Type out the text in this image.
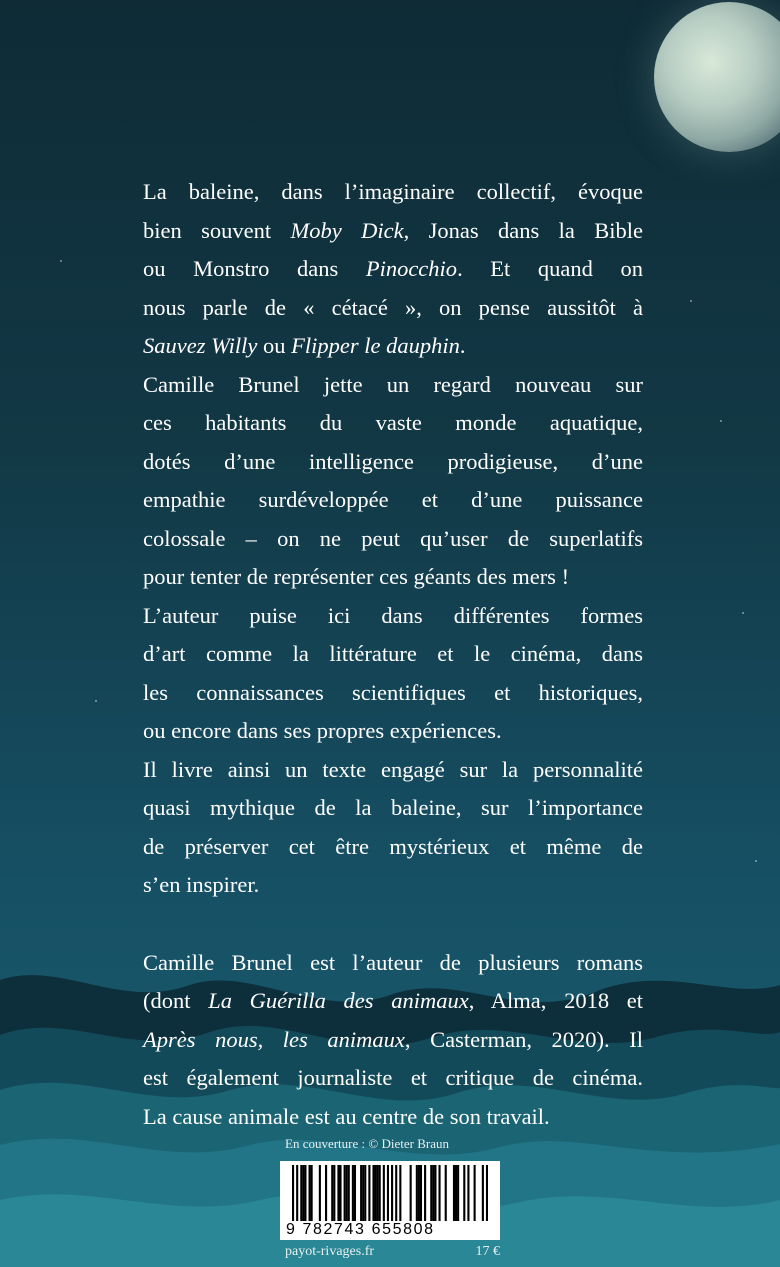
La baleine, dans l’imaginaire collectif, évoque

bien souvent Moby Dick, Jonas dans la Bible

ou Monstro dans Pinocchio. Et quand on

nous parle de « cétacé », on pense aussitôt à

Sauvez Willy ou Flipper le dauphin.

Camille Brunel jette un regard nouveau sur

ces habitants du vaste monde aquatique,

dotés d’une intelligence prodigieuse, d’une

empathie surdéveloppée et d’une puissance

colossale – on ne peut qu’user de superlatifs

pour tenter de représenter ces géants des mers !

L’auteur puise ici dans différentes formes

d’art comme la littérature et le cinéma, dans

les connaissances scientifiques et historiques,

ou encore dans ses propres expériences.

Il livre ainsi un texte engagé sur la personnalité

quasi mythique de la baleine, sur l’importance

de préserver cet être mystérieux et même de

s’en inspirer.

Camille Brunel est l’auteur de plusieurs romans

(dont La Guérilla des animaux, Alma, 2018 et

Après nous, les animaux, Casterman, 2020). Il

est également journaliste et critique de cinéma.

La cause animale est au centre de son travail.

En couverture : © Dieter Braun
9 782743 655808
payot-rivages.fr	17 €
